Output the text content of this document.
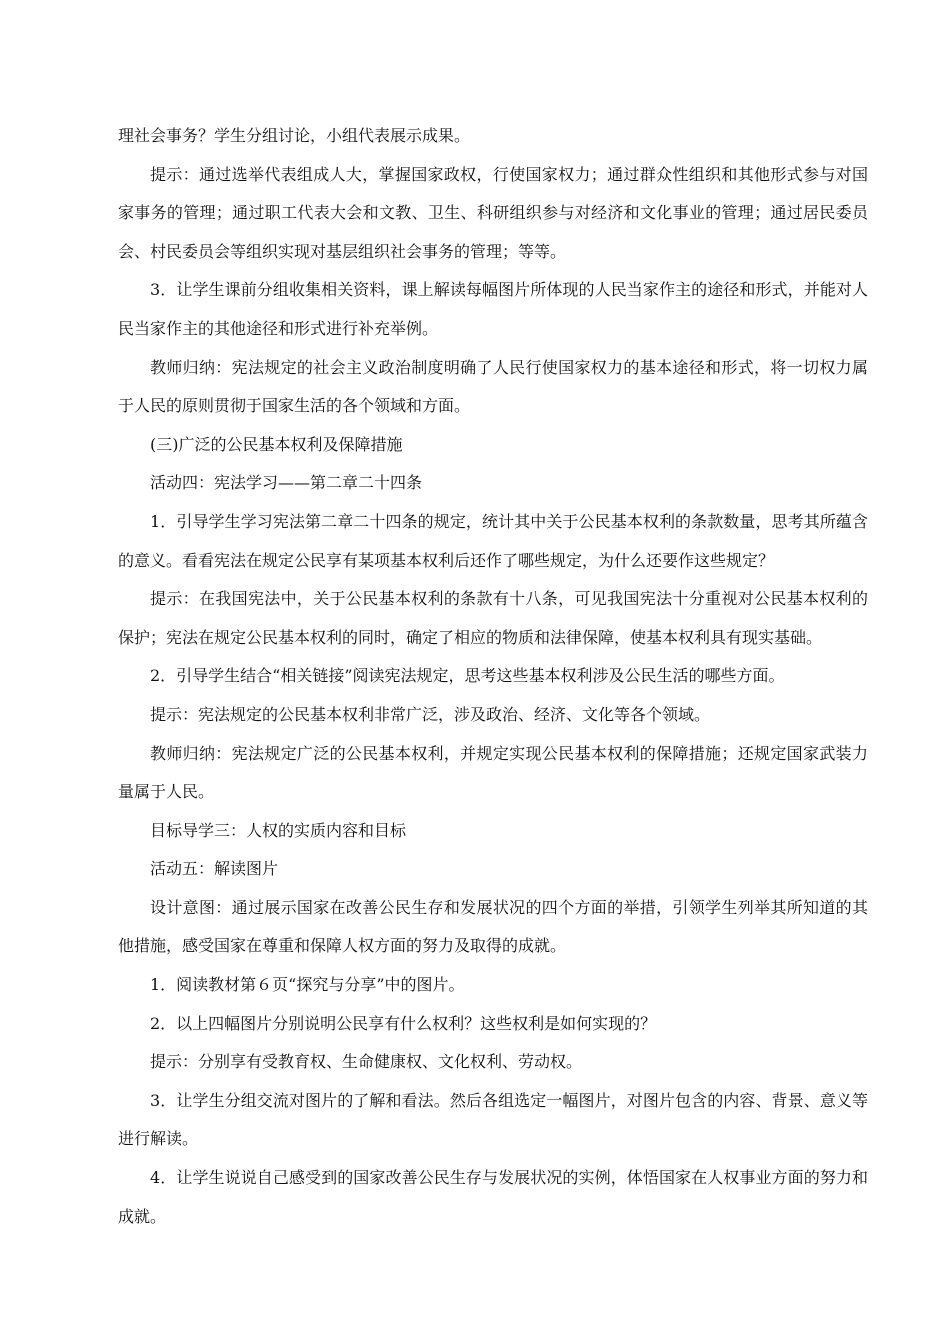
理社会事务？学生分组讨论，小组代表展示成果。

提示：通过选举代表组成人大，掌握国家政权，行使国家权力；通过群众性组织和其他形式参与对国家事务的管理；通过职工代表大会和文教、卫生、科研组织参与对经济和文化事业的管理；通过居民委员会、村民委员会等组织实现对基层组织社会事务的管理；等等。

3．让学生课前分组收集相关资料，课上解读每幅图片所体现的人民当家作主的途径和形式，并能对人民当家作主的其他途径和形式进行补充举例。

教师归纳：宪法规定的社会主义政治制度明确了人民行使国家权力的基本途径和形式，将一切权力属于人民的原则贯彻于国家生活的各个领域和方面。

(三)广泛的公民基本权利及保障措施

活动四：宪法学习——第二章二十四条

1．引导学生学习宪法第二章二十四条的规定，统计其中关于公民基本权利的条款数量，思考其所蕴含的意义。看看宪法在规定公民享有某项基本权利后还作了哪些规定，为什么还要作这些规定？

提示：在我国宪法中，关于公民基本权利的条款有十八条，可见我国宪法十分重视对公民基本权利的保护；宪法在规定公民基本权利的同时，确定了相应的物质和法律保障，使基本权利具有现实基础。

2．引导学生结合“相关链接”阅读宪法规定，思考这些基本权利涉及公民生活的哪些方面。

提示：宪法规定的公民基本权利非常广泛，涉及政治、经济、文化等各个领域。

教师归纳：宪法规定广泛的公民基本权利，并规定实现公民基本权利的保障措施；还规定国家武装力量属于人民。

目标导学三：人权的实质内容和目标

活动五：解读图片

设计意图：通过展示国家在改善公民生存和发展状况的四个方面的举措，引领学生列举其所知道的其他措施，感受国家在尊重和保障人权方面的努力及取得的成就。

1．阅读教材第６页“探究与分享”中的图片。

2．以上四幅图片分别说明公民享有什么权利？这些权利是如何实现的？

提示：分别享有受教育权、生命健康权、文化权利、劳动权。

3．让学生分组交流对图片的了解和看法。然后各组选定一幅图片，对图片包含的内容、背景、意义等进行解读。

4．让学生说说自己感受到的国家改善公民生存与发展状况的实例，体悟国家在人权事业方面的努力和成就。
